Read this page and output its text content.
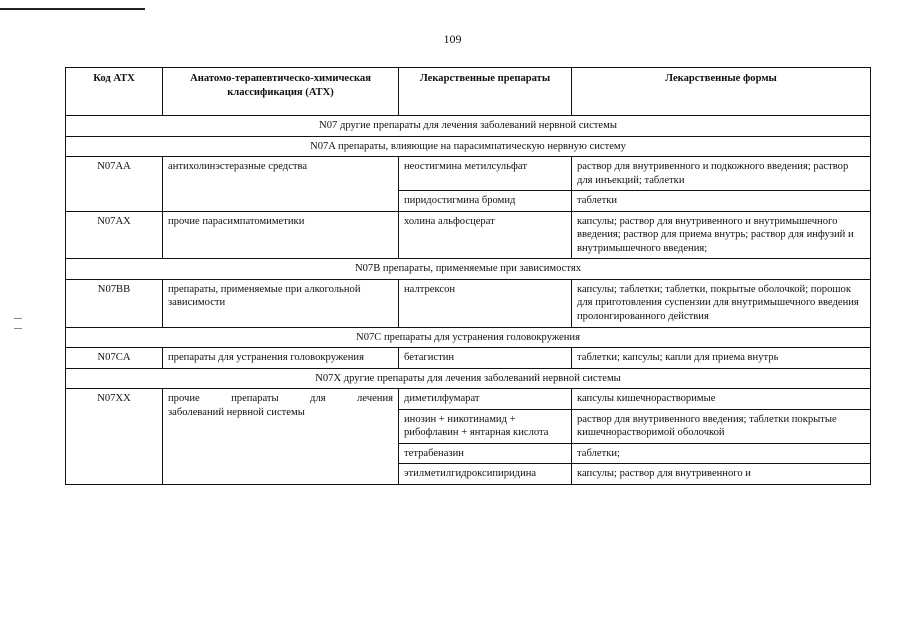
109
Код АТХ	Анатомо-терапевтическо-химическая классификация (АТХ)	Лекарственные препараты	Лекарственные формы
N07 другие препараты для лечения заболеваний нервной системы			
N07A препараты, влияющие на парасимпатическую нервную систему			
N07AA	антихолинэстеразные средства	неостигмина метилсульфат	раствор для внутривенного и подкожного введения; раствор для инъекций; таблетки
		пиридостигмина бромид	таблетки
N07AX	прочие парасимпатомиметики	холина альфосцерат	капсулы; раствор для внутривенного и внутримышечного введения; раствор для приема внутрь; раствор для инфузий и внутримышечного введения;
N07B препараты, применяемые при зависимостях			
N07BB	препараты, применяемые при алкогольной зависимости	налтрексон	капсулы; таблетки; таблетки, покрытые оболочкой; порошок для приготовления суспензии для внутримышечного введения пролонгированного действия
N07C препараты для устранения головокружения			
N07CA	препараты для устранения головокружения	бетагистин	таблетки; капсулы; капли для приема внутрь
N07X другие препараты для лечения заболеваний нервной системы			
N07XX	прочие препараты для лечения
заболеваний нервной системы	диметилфумарат	капсулы кишечнорастворимые
		инозин + никотинамид + рибофлавин + янтарная кислота	раствор для внутривенного введения; таблетки покрытые кишечнорастворимой оболочкой
		тетрабеназин	таблетки;
		этилметилгидроксипиридина	капсулы; раствор для внутривенного и
